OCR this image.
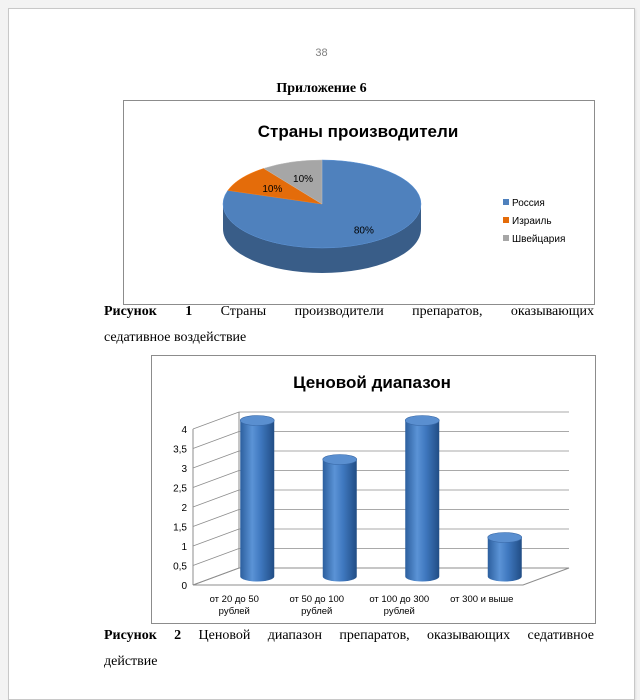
38
Приложение 6
Страны производители
80%
10%
10%
Россия
Израиль
Швейцария
Рисунок 1 Страны производители препаратов, оказывающих
седативное воздействие
Ценовой диапазон
0
0,5
1
1,5
2
2,5
3
3,5
4
от 20 до 50
рублей
от 50 до 100
рублей
от 100 до 300
рублей
от 300 и выше
Рисунок 2 Ценовой диапазон препаратов, оказывающих седативное
действие
